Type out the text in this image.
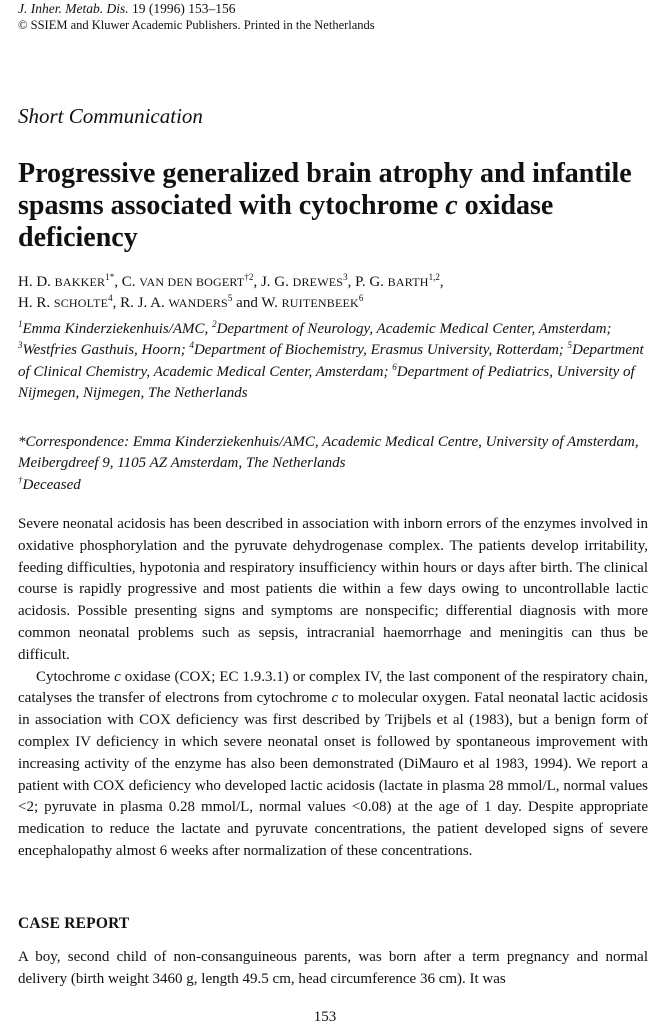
J. Inher. Metab. Dis. 19 (1996) 153–156
© SSIEM and Kluwer Academic Publishers. Printed in the Netherlands
Short Communication
Progressive generalized brain atrophy and infantile spasms associated with cytochrome c oxidase deficiency
H. D. $BAKKER^{1*}$, C. VAN DEN BOGERT$^{\dagger 2}$, J. G. DREWES$^3$, P. G. BARTH$^{1,2}$,
H. R. SCHOLTE$^4$, R. J. A. WANDERS$^5$ and W. RUITENBEEK$^6$
$^1$Emma Kinderziekenhuis/AMC, $^2$Department of Neurology, Academic Medical Center, Amsterdam; $^3$Westfries Gasthuis, Hoorn; $^4$Department of Biochemistry, Erasmus University, Rotterdam; $^5$Department of Clinical Chemistry, Academic Medical Center, Amsterdam; $^6$Department of Pediatrics, University of Nijmegen, Nijmegen, The Netherlands
*Correspondence: Emma Kinderziekenhuis/AMC, Academic Medical Centre, University of Amsterdam, Meibergdreef 9, 1105 AZ Amsterdam, The Netherlands
†Deceased

Severe neonatal acidosis has been described in association with inborn errors of the enzymes involved in oxidative phosphorylation and the pyruvate dehydrogenase complex. The patients develop irritability, feeding difficulties, hypotonia and respiratory insufficiency within hours or days after birth. The clinical course is rapidly progressive and most patients die within a few days owing to uncontrollable lactic acidosis. Possible presenting signs and symptoms are nonspecific; differential diagnosis with more common neonatal problems such as sepsis, intracranial haemorrhage and meningitis can thus be difficult.

Cytochrome c oxidase (COX; EC 1.9.3.1) or complex IV, the last component of the respiratory chain, catalyses the transfer of electrons from cytochrome c to molecular oxygen. Fatal neonatal lactic acidosis in association with COX deficiency was first described by Trijbels et al (1983), but a benign form of complex IV deficiency in which severe neonatal onset is followed by spontaneous improvement with increasing activity of the enzyme has also been demonstrated (DiMauro et al 1983, 1994). We report a patient with COX deficiency who developed lactic acidosis (lactate in plasma 28 mmol/L, normal values <2; pyruvate in plasma 0.28 mmol/L, normal values <0.08) at the age of 1 day. Despite appropriate medication to reduce the lactate and pyruvate concentrations, the patient developed signs of severe encephalopathy almost 6 weeks after normalization of these concentrations.

CASE REPORT

A boy, second child of non-consanguineous parents, was born after a term pregnancy and normal delivery (birth weight 3460 g, length 49.5 cm, head circumference 36 cm). It was

153
